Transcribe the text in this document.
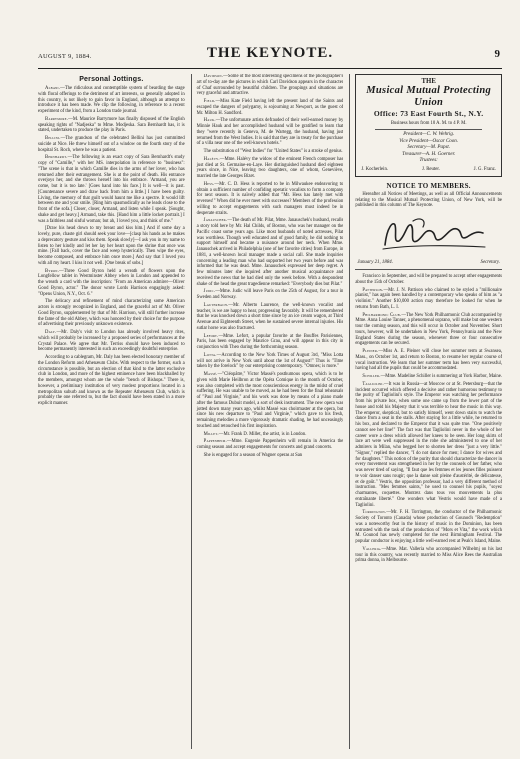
AUGUST 9, 1884.	THE KEYNOTE.	9
Personal Jottings.

Albani.—The ridiculous and contemptible system of bearding the stage with floral offerings to the detriment of art interests, so generally adopted in this country, is not likely to gain favor in England, although an attempt to introduce it has been made. We clip the following, in reference to a recent experiment of the kind, from a London trade journal.

Barrymore.—M. Maurice Barrymore has finally disposed of the English speaking rights of "Nadjeska" to Mme. Modjeska. Sara Bernhardt has, it is stated, undertaken to produce the play in Paris.

Bellini.—The grandson of the celebrated Bellini has just committed suicide at Nice. He threw himself out of a window on the fourth story of the hospital St. Roch, where he was a patient.

Bernhardt.—The following is an exact copy of Sara Bernhardt's study copy of "Camille," with her MS. interpolation in reference to "business": "The scene is that in which Camille dies in the arms of her lover, who has returned after their estrangement. She is at the point of death. His entrance overjoys her, and she throws herself into his embrace. 'Armand, you are come, but it is too late.' [Goes hand into his face.] It is well—it is past. [Countenance severe and draw back from him a little.] I have been guilty. Living, the memory of that guilt would haunt me like a spectre. It would lift between me and your smile. [Ring him spasmodically as he leads close to the front of the sofa.] Closer, closer, Armand, and listen while I speak. [Sought, shake and get heavy.] Armand, take this. [Hand him a little locket portrait.] I was a faithless and sinful woman; but ah, I loved you, and think of me."

[Draw his head down to my breast and kiss him.] And if some day a lovely, pure, chaste girl should seek your love—[clasp his hands as he makes a deprecatory gesture and kiss them. Speak slowly]—I ask you in my name to listen to her kindly and let her lay her heart upon the shrine that once was mine. [Fall back, cover the face and weep hysterically. Then wipe the eyes, become composed, and embrace him once more.] And say that I loved you with all my heart. I kiss it not well. [One break of sobs.]

Byron.—Three Good Byron held a wreath of flowers upon the Longfellow tablet in Westminster Abbey when in London and appended to the wreath a card with the inscription: "From an American admirer—Oliver Good Byron, actor." The donor wrote Lords Harrison engagingly asked: "Opens Union, N.Y., Oct. 6."

The delicacy and refinement of mind characterizing some American actors is strongly recognized in England, and the graceful act of Mr. Oliver Good Byron, supplemented by that of Mr. Harrison, will still further increase the fame of the old Abbey, which was honored by their choice for the purpose of advertising their previously unknown existence.

Daly.—Mr. Daly's visit to London has already involved heavy rites, which will probably be increased by a proposed series of performances at the Crystal Palace. We agree that Mr. Terriss should have been induced to become permanently interested in such an exceedingly doubtful enterprise.

According to a cablegram, Mr. Daly has been elected honorary member of the London Reform and Athenæum Clubs. With respect to the former, such a circumstance is possible, but an election of that kind to the latter exclusive club in London, and more of the highest eminence have been blackballed by the members, amongst whom are the whole "bench of Bishops." There is, however, a preliminary institution of very modest proportions located in a metropolitan suburb and known as the Repeater Athenæum Club, which is probably the one referred to, but the fact should have been stated in a more explicit manner.

Davidson.—Some of the most interesting specimens of the photographer's art of to-day are the pictures in which Carl Davidson appears in the character of Chaf surrounded by beautiful children. The groupings and situations are very graceful and attractive.

Field.—Miss Kate Field having left the present land of the Saints and escaped the dangers of polygamy, is sojourning at Newport, as the guest of Mr. Milton H. Sandford.

Hauk.—The unfortunate artists defrauded of their well-earned money by Minnie Hauk and her accomplished husband will be gratified to learn that they "were recently in Geneva, M. de Wartegg, the husband, having just returned from the West Indies. It is said that they are in treaty for the purchase of a villa near one of the well-known hotels."

The substitution of "West Indies" for "United States" is a stroke of genius.

Halévy.—Mme. Halévy the widow of the eminent French composer has just died at St. Germaine-en-Laye. Her distinguished husband died eighteen years since, in Nice, leaving two daughters, one of whom, Geneviève, married the late Georges Bizet.

Hess.—Mr. C. D. Hess is reported to be in Milwaukee endeavoring to obtain a sufficient number of confiding operatic vocalists to form a company for next season. It is naïvely added that "Mr. Hess has lately met with reverses!" When did he ever meet with successes? Members of the profession willing to accept engagements with such managers must indeed be in desperate straits.

Janauschek.—The death of Mr. Pilat, Mme. Janauschek's husband, recalls a story told here by Mr. Hal Childs, of Boston, who was her manager on the Pacific coast some years ago. Like most husbands of noted actresses, Pilat was worthless. Though well educated and of good family, he did nothing to support himself and became a nuisance around her neck. When Mme. Janauschek arrived in Philadelphia (one of her favorite cities) from Europe, in 1881, a well-known local manager made a social call. She made inquiries concerning a leading man who had supported her two years before and was informed that he was dead. Mme. Janauschek expressed her deep regret. A few minutes later she inquired after another musical acquaintance and received the news that he had died only the week before. With a despondent shake of the head the great tragedienne remarked: "Everybody dies but Pilat."

Judic.—Mme. Judic will leave Paris on the 25th of August, for a tour in Sweden and Norway.

Lauterbach.—Mr. Alberto Laurence, the well-known vocalist and teacher, is we are happy to hear, progressing favorably. It will be remembered that he was knocked down a short time since by an ice cream wagon, at Third Avenue and Eighteenth Street, when he sustained severe internal injuries. His sutlar horse was also fractured.

Lefort.—Mme. Lefort, a popular favorite at the Bouffes Parisiennes, Paris, has been engaged by Maurice Grau, and will appear in this city in conjunction with Theo during the forthcoming season.

Lotta.—According to the New York Times of August 3rd, "Miss Lotta will not arrive in New York until about the 1st of August!" Thus is "Time taken by the forelock" by our enterprising contemporary. "Omnes; is more."

Massé.—"Cléopâtre," Victor Massé's posthumous opera, which is to be given with Marie Heilbron at the Opéra Comique in the month of October, was also completed with the most conscientious energy in the midst of cruel suffering. He was unable to be moved, as he had been for the final rehearsals of "Paul and Virginie," and his work was done by means of a piano made after the famous Dubuit model, a sort of desk instrument. The new opera was jotted down many years ago, whilst Massé was choirmaster at the opera, but since his new departure to "Paul and Virginie," which gave to his fresh, remaining melodies a more vigorously dramatic shading, he had unceasingly touched and retouched his first inspiration.

Millet.—Mr. Frank D. Millet, the artist, is in London.

Pappenheim.—Mme. Eugenie Pappenheim will remain in America the coming season and accept engagements for concerts and grand concerts.

She is engaged for a season of Wagner operas at San

THE
Musical Mutual Protecting Union
Office: 73 East Fourth St., N.Y.
Business hours from 10 A. M. to 4 P. M.
President—C. W. Wehrig.
Vice President—Oscar Coon.
Secretary—M. Papst.
Treasurer—A. H. Goerner.
Trustees:
J. Kocherlein.	J. Reuter.	J. G. Franz.
NOTICE TO MEMBERS.

Hereafter all Notices of Meetings, as well as all Official Announcements relating to the Musical Mutual Protecting Union, of New York, will be published in this column of The Keynote.

January 21, 1884.	Secretary.

Francisco in September, and will be prepared to accept other engagements about the 15th of October.

Patterson.—Mr. J. N. Pattison who claimed to be styled a "millionaire pianist," has again been handled by a contemporary who speaks of him as "a violinist." Another $10,000 action may therefore be looked for when he returns from Bath, L. I.

Philharmonic Club.—The New York Philharmonic Club accompanied by Mme. Anna Louise Tanner, a phenomenal soprano, will make but one western tour the coming season, and this will occur in October and November. Short tours, however, will be undertaken in New York, Pennsylvania and the New England States during the season, whenever three or four consecutive engagements can be secured.

Pleiner.—Miss A. E. Pleiner will close her summer term at Swansea, Mass., on October 1st, and return to Boston, to resume her regular course of vocal instruction. We learn that her summer term has been very successful, having had all the pupils that could be accommodated.

Schiller.—Mme. Madeline Schiller is summering at York Harbor, Maine.

Tagliolini.—It was in Russia—at Moscow or at St. Petersburg—that the incident occurred which offered a decisive and rather humorous testimony to the purity of Tagliolini's style. The Emperor was watching her performance from his private box, when some one came up from the lower part of the house and told his Majesty that it was terrible to hear the music in this way. The emperor, skeptical, but to satisfy himself, went down stairs to watch the dance from a seat in the stalls. After staying for a little while, he returned to his box, and declared to the Emperor that it was quite true. "One positively cannot see her line!" The fact was that Tagliolini never in the whole of her career wore a dress which allowed her knees to be seen. Her long skirts of lace art were well suppressed in the robe she administered to one of her admirers in Milan, who begged her to shorten her dress "just a very little." "Signor," replied the dancer, "I do not dance for men; I dance for wives and for daughters." This notion of the purity that should characterize the dancer in every movement was strengthened in her by the counsels of her father, who was never tired of saying, "Il faut que les femmes et les jeunes filles puissent te voir danser sans rougir; que la danse soit pleine d'austérité, de délicatesse, et de goût." Vestris, the opposition professor, had a very different method of instruction. "Mes femmes saints," he used to counsel his pupils, "soyez charmantes, coquettes. Montrez dans tous vos mouvements la plus entraînante liberté." One wonders what Vestris would have made of a Tagliolini.

Torrington.—Mr. F. H. Torrington, the conductor of the Philharmonic Society of Toronto (Canada) whose production of Gounod's "Redemption" was a noteworthy feat in the history of music in the Dominion, has been entrusted with the task of the production of "Mors et Vita," the work which M. Gounod has newly completed for the next Birmingham Festival. The popular conductor is enjoying a little well-earned rest at Peak's Island, Maine.

Valleria.—Mme. Mat. Valleria who accompanied Wilhelmj on his last tour in this country, was recently married to Miss Alice Rees the Australian prima donna, in Melbourne.
